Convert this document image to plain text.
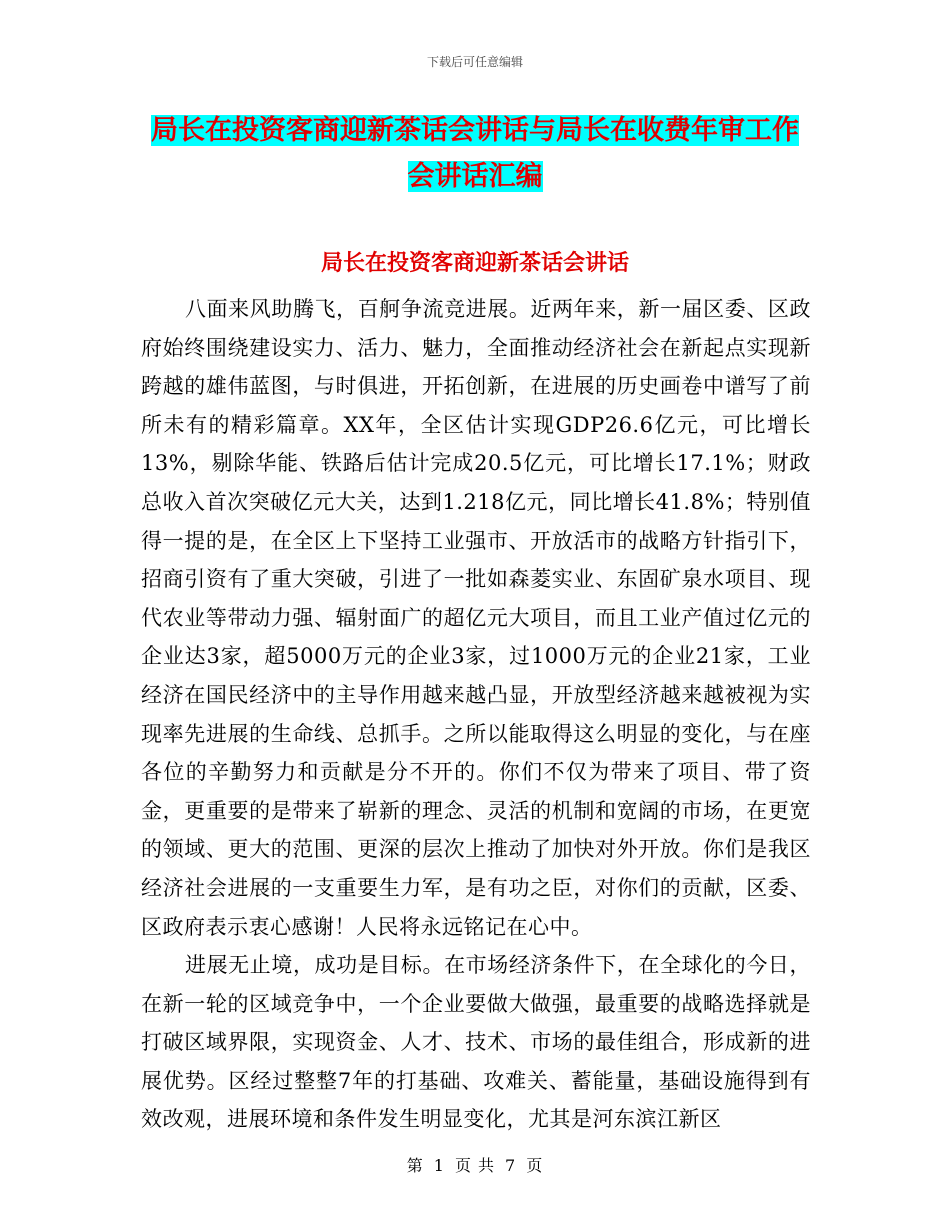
下载后可任意编辑
局长在投资客商迎新茶话会讲话与局长在收费年审工作会讲话汇编
局长在投资客商迎新茶话会讲话

八面来风助腾飞，百舸争流竞进展。近两年来，新一届区委、区政府始终围绕建设实力、活力、魅力，全面推动经济社会在新起点实现新跨越的雄伟蓝图，与时俱进，开拓创新，在进展的历史画卷中谱写了前所未有的精彩篇章。XX年，全区估计实现GDP26.6亿元，可比增长13%，剔除华能、铁路后估计完成20.5亿元，可比增长17.1%；财政总收入首次突破亿元大关，达到1.218亿元，同比增长41.8%；特别值得一提的是，在全区上下坚持工业强市、开放活市的战略方针指引下，招商引资有了重大突破，引进了一批如森菱实业、东固矿泉水项目、现代农业等带动力强、辐射面广的超亿元大项目，而且工业产值过亿元的企业达3家，超5000万元的企业3家，过1000万元的企业21家，工业经济在国民经济中的主导作用越来越凸显，开放型经济越来越被视为实现率先进展的生命线、总抓手。之所以能取得这么明显的变化，与在座各位的辛勤努力和贡献是分不开的。你们不仅为带来了项目、带了资金，更重要的是带来了崭新的理念、灵活的机制和宽阔的市场，在更宽的领域、更大的范围、更深的层次上推动了加快对外开放。你们是我区经济社会进展的一支重要生力军，是有功之臣，对你们的贡献，区委、区政府表示衷心感谢！人民将永远铭记在心中。

进展无止境，成功是目标。在市场经济条件下，在全球化的今日，在新一轮的区域竞争中，一个企业要做大做强，最重要的战略选择就是打破区域界限，实现资金、人才、技术、市场的最佳组合，形成新的进展优势。区经过整整7年的打基础、攻难关、蓄能量，基础设施得到有效改观，进展环境和条件发生明显变化，尤其是河东滨江新区

第 1 页 共 7 页
